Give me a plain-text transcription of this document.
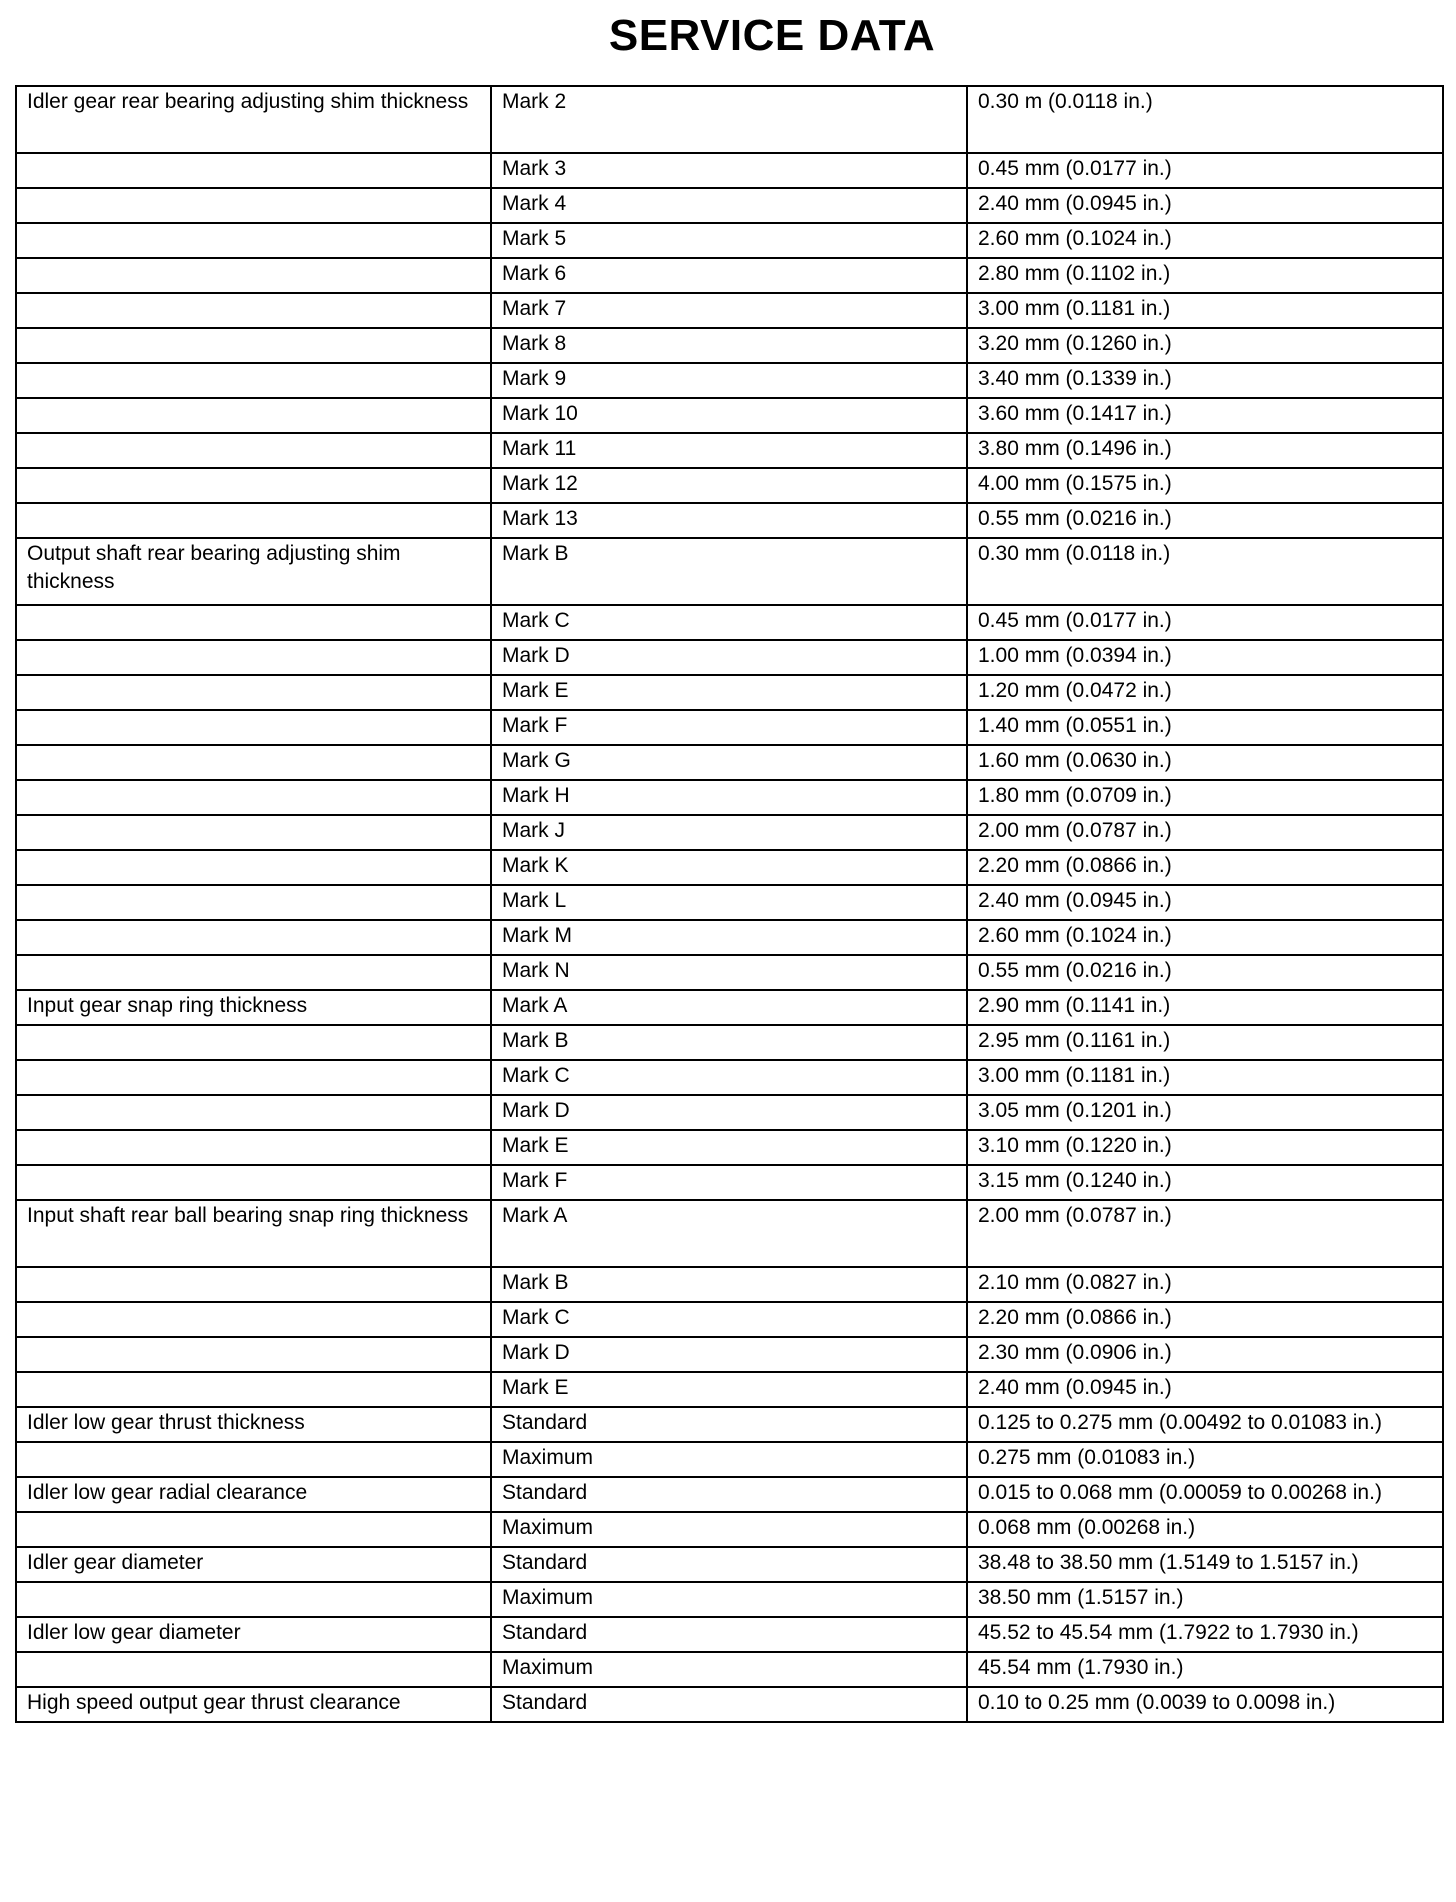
SERVICE DATA
Idler gear rear bearing adjusting shim thickness	Mark 2	0.30 m (0.0118 in.)
	Mark 3	0.45 mm (0.0177 in.)
	Mark 4	2.40 mm (0.0945 in.)
	Mark 5	2.60 mm (0.1024 in.)
	Mark 6	2.80 mm (0.1102 in.)
	Mark 7	3.00 mm (0.1181 in.)
	Mark 8	3.20 mm (0.1260 in.)
	Mark 9	3.40 mm (0.1339 in.)
	Mark 10	3.60 mm (0.1417 in.)
	Mark 11	3.80 mm (0.1496 in.)
	Mark 12	4.00 mm (0.1575 in.)
	Mark 13	0.55 mm (0.0216 in.)
Output shaft rear bearing adjusting shim thickness	Mark B	0.30 mm (0.0118 in.)
	Mark C	0.45 mm (0.0177 in.)
	Mark D	1.00 mm (0.0394 in.)
	Mark E	1.20 mm (0.0472 in.)
	Mark F	1.40 mm (0.0551 in.)
	Mark G	1.60 mm (0.0630 in.)
	Mark H	1.80 mm (0.0709 in.)
	Mark J	2.00 mm (0.0787 in.)
	Mark K	2.20 mm (0.0866 in.)
	Mark L	2.40 mm (0.0945 in.)
	Mark M	2.60 mm (0.1024 in.)
	Mark N	0.55 mm (0.0216 in.)
Input gear snap ring thickness	Mark A	2.90 mm (0.1141 in.)
	Mark B	2.95 mm (0.1161 in.)
	Mark C	3.00 mm (0.1181 in.)
	Mark D	3.05 mm (0.1201 in.)
	Mark E	3.10 mm (0.1220 in.)
	Mark F	3.15 mm (0.1240 in.)
Input shaft rear ball bearing snap ring thickness	Mark A	2.00 mm (0.0787 in.)
	Mark B	2.10 mm (0.0827 in.)
	Mark C	2.20 mm (0.0866 in.)
	Mark D	2.30 mm (0.0906 in.)
	Mark E	2.40 mm (0.0945 in.)
Idler low gear thrust thickness	Standard	0.125 to 0.275 mm (0.00492 to 0.01083 in.)
	Maximum	0.275 mm (0.01083 in.)
Idler low gear radial clearance	Standard	0.015 to 0.068 mm (0.00059 to 0.00268 in.)
	Maximum	0.068 mm (0.00268 in.)
Idler gear diameter	Standard	38.48 to 38.50 mm (1.5149 to 1.5157 in.)
	Maximum	38.50 mm (1.5157 in.)
Idler low gear diameter	Standard	45.52 to 45.54 mm (1.7922 to 1.7930 in.)
	Maximum	45.54 mm (1.7930 in.)
High speed output gear thrust clearance	Standard	0.10 to 0.25 mm (0.0039 to 0.0098 in.)
